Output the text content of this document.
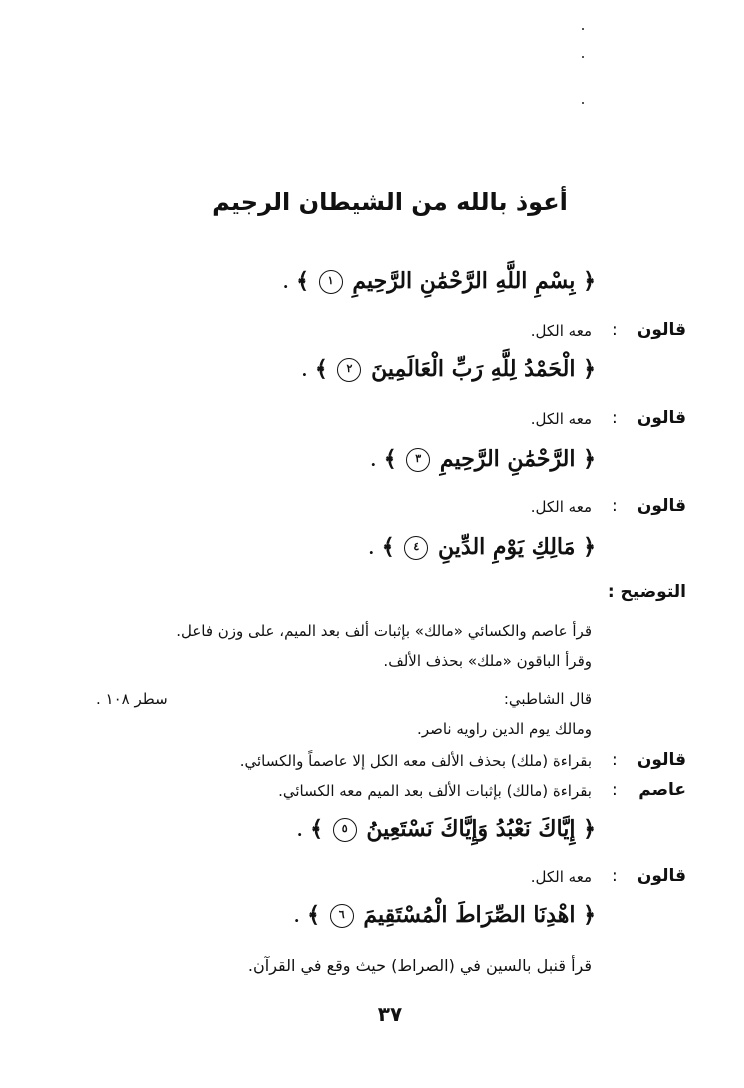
أعوذ بالله من الشيطان الرجيم
﴿ بِسْمِ اللَّهِ الرَّحْمَٰنِ الرَّحِيمِ ١ ﴾ .
قالون
:
معه الكل.
﴿ الْحَمْدُ لِلَّهِ رَبِّ الْعَالَمِينَ ٢ ﴾ .
قالون
:
معه الكل.
﴿ الرَّحْمَٰنِ الرَّحِيمِ ٣ ﴾ .
قالون
:
معه الكل.
﴿ مَالِكِ يَوْمِ الدِّينِ ٤ ﴾ .
التوضيح :
قرأ عاصم والكسائي «مالك» بإثبات ألف بعد الميم، على وزن فاعل.
وقرأ الباقون «ملك» بحذف الألف.
قال الشاطبي:
سطر ١٠٨ .
ومالك يوم الدين راويه ناصر.
قالون
:
بقراءة (ملك) بحذف الألف معه الكل إلا عاصماً والكسائي.
عاصم
:
بقراءة (مالك) بإثبات الألف بعد الميم معه الكسائي.
﴿ إِيَّاكَ نَعْبُدُ وَإِيَّاكَ نَسْتَعِينُ ٥ ﴾ .
قالون
:
معه الكل.
﴿ اهْدِنَا الصِّرَاطَ الْمُسْتَقِيمَ ٦ ﴾ .
قرأ قنبل بالسين في (الصراط) حيث وقع في القرآن.
٣٧
